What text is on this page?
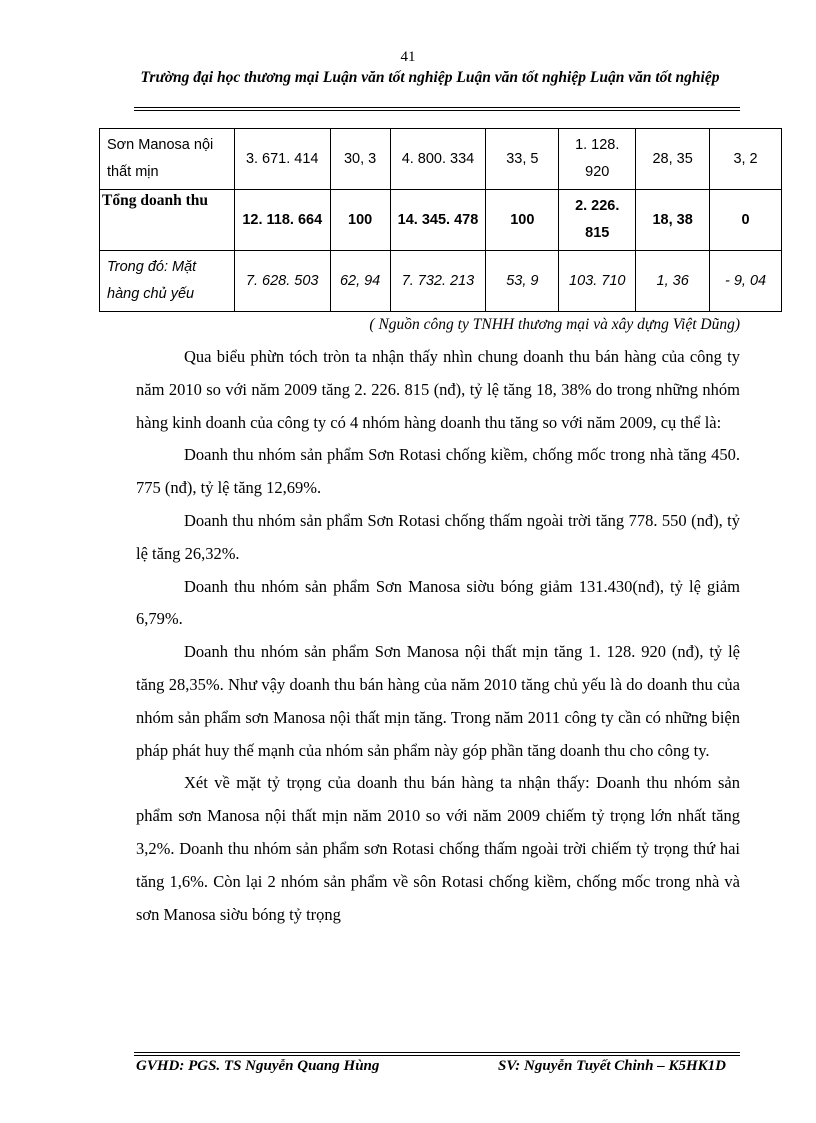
41
Trường đại học thương mại Luận văn tốt nghiệp Luận văn tốt nghiệp Luận văn tốt nghiệp
Sơn Manosa nội thất mịn	3. 671. 414	30, 3	4. 800. 334	33, 5	1. 128. 920	28, 35	3, 2
Tổng doanh thu	12. 118. 664	100	14. 345. 478	100	2. 226. 815	18, 38	0
Trong đó: Mặt hàng chủ yếu	7. 628. 503	62, 94	7. 732. 213	53, 9	103. 710	1, 36	- 9, 04
( Nguồn công ty TNHH thương mại và xây dựng Việt Dũng)

Qua biểu phừn tóch tròn ta nhận thấy nhìn chung doanh thu bán hàng của công ty năm 2010 so với năm 2009 tăng 2. 226. 815 (nđ), tỷ lệ tăng 18, 38% do trong những nhóm hàng kinh doanh của công ty có 4 nhóm hàng doanh thu tăng so với năm 2009, cụ thể là:

Doanh thu nhóm sản phẩm Sơn Rotasi chống kiềm, chống mốc trong nhà tăng 450. 775 (nđ), tỷ lệ tăng 12,69%.

Doanh thu nhóm sản phẩm Sơn Rotasi chống thấm ngoài trời tăng 778. 550 (nđ), tỷ lệ tăng 26,32%.

Doanh thu nhóm sản phẩm Sơn Manosa siờu bóng giảm 131.430(nđ), tỷ lệ giảm 6,79%.

Doanh thu nhóm sản phẩm Sơn Manosa nội thất mịn tăng 1. 128. 920 (nđ), tỷ lệ tăng 28,35%. Như vậy doanh thu bán hàng của năm 2010 tăng chủ yếu là do doanh thu của nhóm sản phẩm sơn Manosa nội thất mịn tăng. Trong năm 2011 công ty cần có những biện pháp phát huy thế mạnh của nhóm sản phẩm này góp phần tăng doanh thu cho công ty.

Xét về mặt tỷ trọng của doanh thu bán hàng ta nhận thấy: Doanh thu nhóm sản phẩm sơn Manosa nội thất mịn năm 2010 so với năm 2009 chiếm tỷ trọng lớn nhất tăng 3,2%. Doanh thu nhóm sản phẩm sơn Rotasi chống thấm ngoài trời chiếm tỷ trọng thứ hai tăng 1,6%. Còn lại 2 nhóm sản phẩm về sôn Rotasi chống kiềm, chống mốc trong nhà và sơn Manosa siờu bóng tỷ trọng

GVHD: PGS. TS Nguyễn Quang Hùng	SV: Nguyễn Tuyết Chinh – K5HK1D
